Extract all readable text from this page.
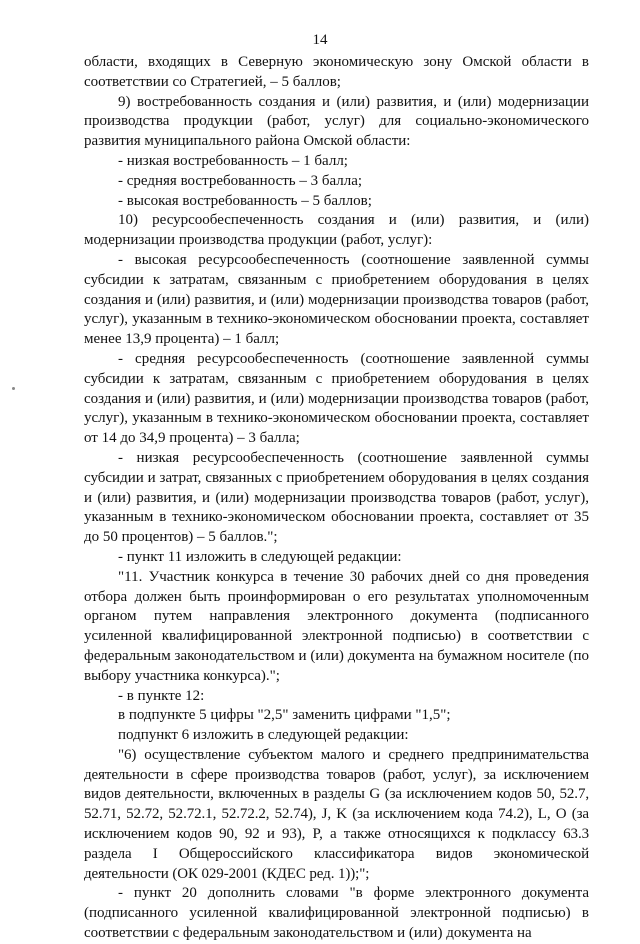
14

области, входящих в Северную экономическую зону Омской области в соответствии со Стратегией, – 5 баллов;

9) востребованность создания и (или) развития, и (или) модернизации производства продукции (работ, услуг) для социально-экономического развития муниципального района Омской области:

- низкая востребованность – 1 балл;

- средняя востребованность – 3 балла;

- высокая востребованность – 5 баллов;

10) ресурсообеспеченность создания и (или) развития, и (или) модернизации производства продукции (работ, услуг):

- высокая ресурсообеспеченность (соотношение заявленной суммы субсидии к затратам, связанным с приобретением оборудования в целях создания и (или) развития, и (или) модернизации производства товаров (работ, услуг), указанным в технико-экономическом обосновании проекта, составляет менее 13,9 процента) – 1 балл;

- средняя ресурсообеспеченность (соотношение заявленной суммы субсидии к затратам, связанным с приобретением оборудования в целях создания и (или) развития, и (или) модернизации производства товаров (работ, услуг), указанным в технико-экономическом обосновании проекта, составляет от 14 до 34,9 процента) – 3 балла;

- низкая ресурсообеспеченность (соотношение заявленной суммы субсидии и затрат, связанных с приобретением оборудования в целях создания и (или) развития, и (или) модернизации производства товаров (работ, услуг), указанным в технико-экономическом обосновании проекта, составляет от 35 до 50 процентов) – 5 баллов.";

- пункт 11 изложить в следующей редакции:

"11. Участник конкурса в течение 30 рабочих дней со дня проведения отбора должен быть проинформирован о его результатах уполномоченным органом путем направления электронного документа (подписанного усиленной квалифицированной электронной подписью) в соответствии с федеральным законодательством и (или) документа на бумажном носителе (по выбору участника конкурса).";

- в пункте 12:

в подпункте 5 цифры "2,5" заменить цифрами "1,5";

подпункт 6 изложить в следующей редакции:

"6) осуществление субъектом малого и среднего предпринимательства деятельности в сфере производства товаров (работ, услуг), за исключением видов деятельности, включенных в разделы G (за исключением кодов 50, 52.7, 52.71, 52.72, 52.72.1, 52.72.2, 52.74), J, K (за исключением кода 74.2), L, O (за исключением кодов 90, 92 и 93), P, а также относящихся к подклассу 63.3 раздела I Общероссийского классификатора видов экономической деятельности (ОК 029-2001 (КДЕС ред. 1));";

- пункт 20 дополнить словами "в форме электронного документа (подписанного усиленной квалифицированной электронной подписью) в соответствии с федеральным законодательством и (или) документа на
